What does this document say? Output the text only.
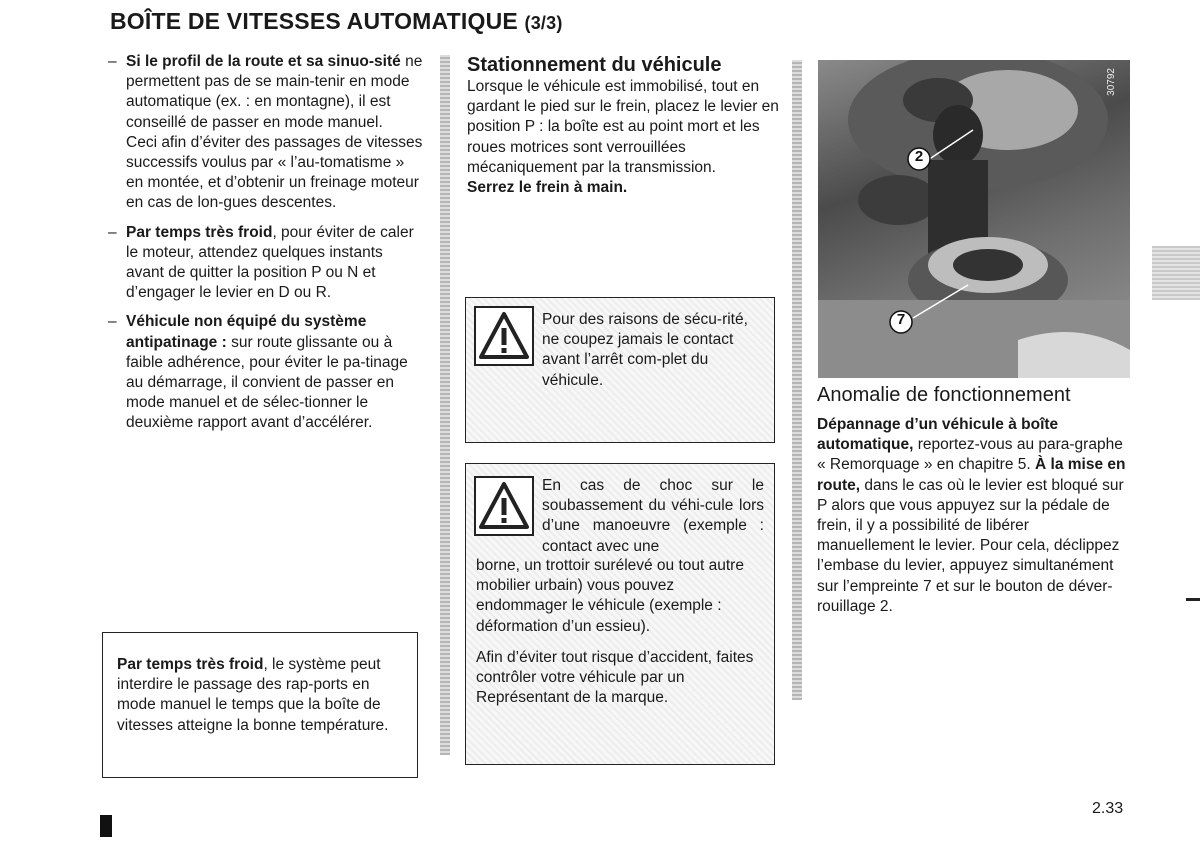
BOÎTE DE VITESSES AUTOMATIQUE (3/3)
– Si le profil de la route et sa sinuo-sité ne permettent pas de se main-tenir en mode automatique (ex. : en montagne), il est conseillé de passer en mode manuel.

Ceci afin d’éviter des passages de vitesses successifs voulus par « l’au-tomatisme » en montée, et d’obtenir un freinage moteur en cas de lon-gues descentes.

– Par temps très froid, pour éviter de caler le moteur, attendez quelques instants avant de quitter la position P ou N et d’engager le levier en D ou R.

– Véhicule non équipé du système antipatinage : sur route glissante ou à faible adhérence, pour éviter le pa-tinage au démarrage, il convient de passer en mode manuel et de sélec-tionner le deuxième rapport avant d’accélérer.

Par temps très froid, le système peut interdire le passage des rap-ports en mode manuel le temps que la boîte de vitesses atteigne la bonne température.
Stationnement du véhicule
Lorsque le véhicule est immobilisé, tout en gardant le pied sur le frein, placez le levier en position P : la boîte est au point mort et les roues motrices sont verrouillées mécaniquement par la transmission.
Serrez le frein à main.
Pour des raisons de sécu-rité, ne coupez jamais le contact avant l’arrêt com-plet du véhicule.
En cas de choc sur le soubassement du véhi-cule lors d’une manoeuvre (exemple : contact avec une
borne, un trottoir surélevé ou tout autre mobilier urbain) vous pouvez endommager le véhicule (exemple : déformation d’un essieu).
Afin d’éviter tout risque d’accident, faites contrôler votre véhicule par un Représentant de la marque.
2
7
30792
Anomalie de fonctionnement
Dépannage d’un véhicule à boîte automatique, reportez-vous au para-graphe « Remorquage » en chapitre 5. À la mise en route, dans le cas où le levier est bloqué sur P alors que vous appuyez sur la pédale de frein, il y a possibilité de libérer manuellement le levier. Pour cela, déclippez l’embase du levier, appuyez simultanément sur l’empreinte 7 et sur le bouton de déver-rouillage 2.
2.33
